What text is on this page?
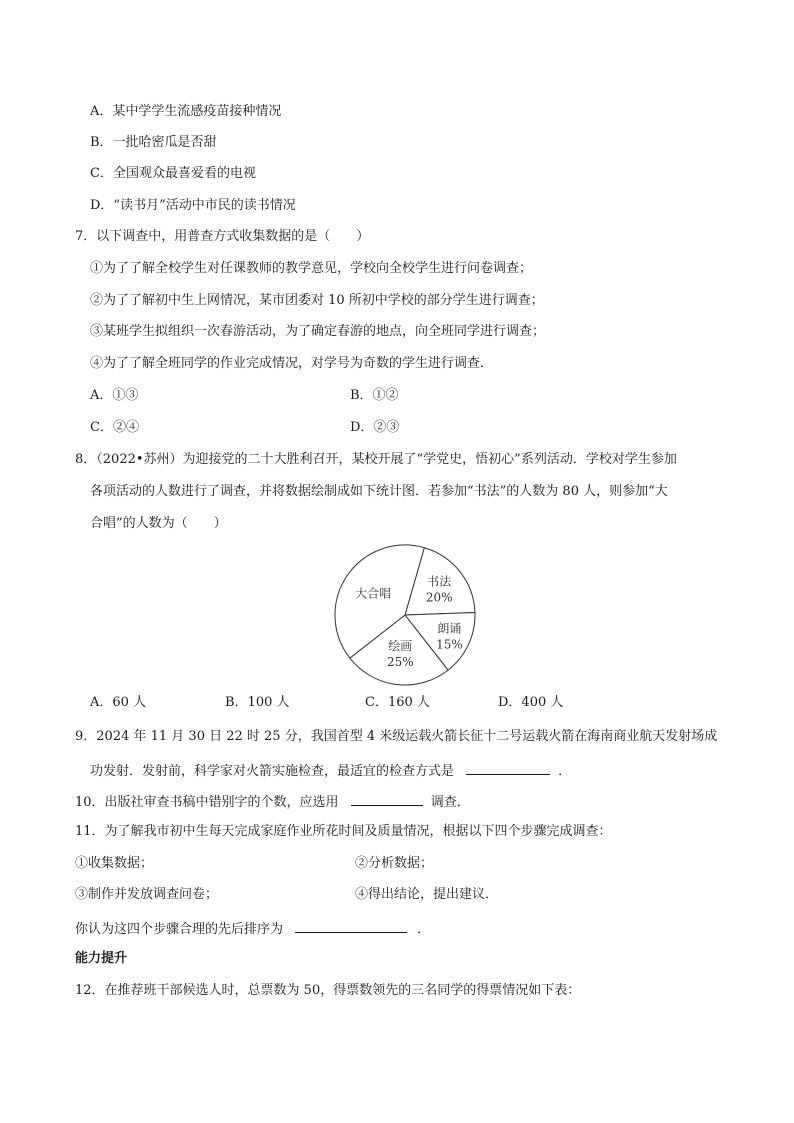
A．某中学学生流感疫苗接种情况
B．一批哈密瓜是否甜
C．全国观众最喜爱看的电视
D．“读书月”活动中市民的读书情况
7．以下调查中，用普查方式收集数据的是（　　）
①为了了解全校学生对任课教师的教学意见，学校向全校学生进行问卷调查；
②为了了解初中生上网情况，某市团委对 10 所初中学校的部分学生进行调查；
③某班学生拟组织一次春游活动，为了确定春游的地点，向全班同学进行调查；
④为了了解全班同学的作业完成情况，对学号为奇数的学生进行调查．
A．①③	B．①②
C．②④	D．②③
8．（2022•苏州）为迎接党的二十大胜利召开，某校开展了“学党史，悟初心”系列活动．学校对学生参加
各项活动的人数进行了调查，并将数据绘制成如下统计图．若参加“书法”的人数为 80 人，则参加“大
合唱”的人数为（　　）
书法
20%
朗诵
15%
绘画
25%
大合唱
A．60 人	B．100 人	C．160 人	D．400 人
9．2024 年 11 月 30 日 22 时 25 分，我国首型 4 米级运载火箭长征十二号运载火箭在海南商业航天发射场成
功发射．发射前，科学家对火箭实施检查，最适宜的检查方式是	．
10．出版社审查书稿中错别字的个数，应选用	调查．
11．为了解我市初中生每天完成家庭作业所花时间及质量情况，根据以下四个步骤完成调查：
①收集数据；	②分析数据；
③制作并发放调查问卷；	④得出结论，提出建议．
你认为这四个步骤合理的先后排序为	．
能力提升
12．在推荐班干部候选人时，总票数为 50，得票数领先的三名同学的得票情况如下表：
